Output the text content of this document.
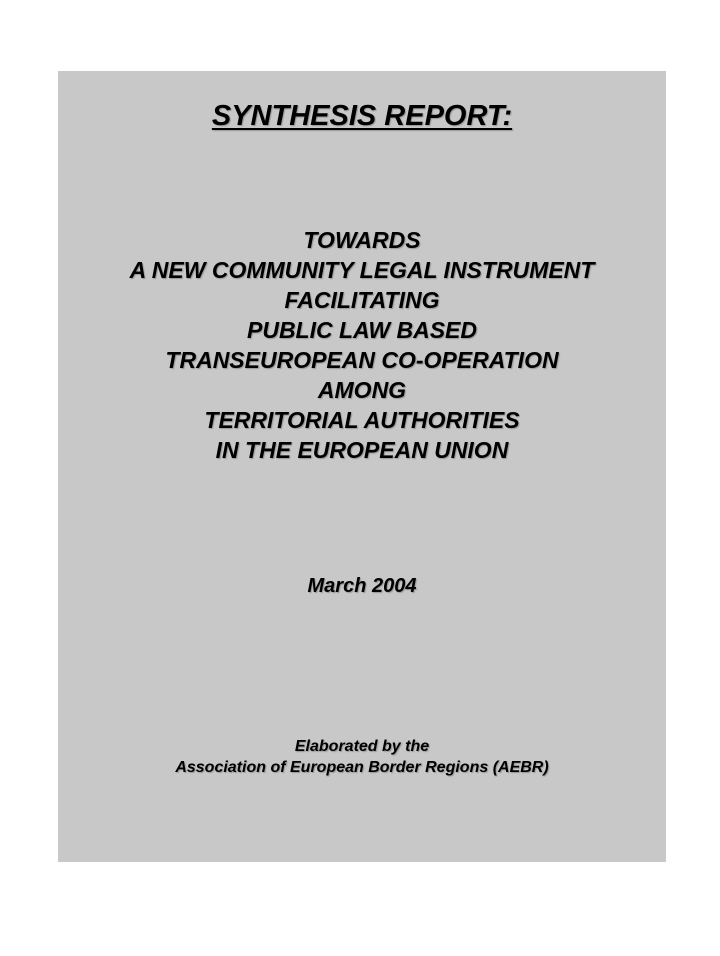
SYNTHESIS REPORT:
TOWARDS
A NEW COMMUNITY LEGAL INSTRUMENT
FACILITATING
PUBLIC LAW BASED
TRANSEUROPEAN CO-OPERATION
AMONG
TERRITORIAL AUTHORITIES
IN THE EUROPEAN UNION
March 2004
Elaborated by the
Association of European Border Regions (AEBR)
